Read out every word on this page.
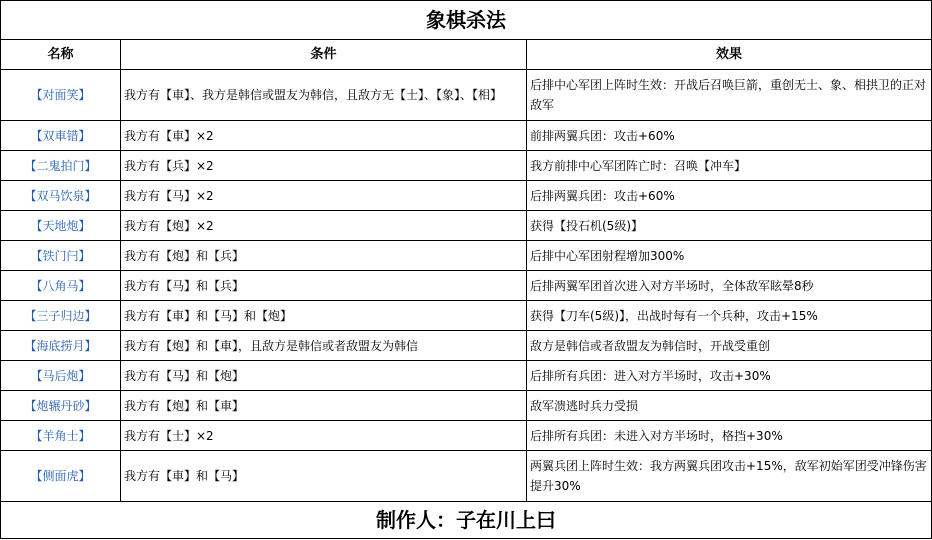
象棋杀法		
名称	条件	效果
【对面笑】	我方有【車】、我方是韩信或盟友为韩信，且敌方无【士】、【象】、【相】	后排中心军团上阵时生效：开战后召唤巨箭，重创无士、象、相拱卫的正对敌军
【双車错】	我方有【車】×2	前排两翼兵团：攻击+60%
【二鬼拍门】	我方有【兵】×2	我方前排中心军团阵亡时：召唤【冲车】
【双马饮泉】	我方有【马】×2	后排两翼兵团：攻击+60%
【天地炮】	我方有【炮】×2	获得【投石机(5级)】
【铁门闩】	我方有【炮】和【兵】	后排中心军团射程增加300%
【八角马】	我方有【马】和【兵】	后排两翼军团首次进入对方半场时，全体敌军眩晕8秒
【三子归边】	我方有【車】和【马】和【炮】	获得【刀车(5级)】，出战时每有一个兵种，攻击+15%
【海底捞月】	我方有【炮】和【車】，且敌方是韩信或者敌盟友为韩信	敌方是韩信或者敌盟友为韩信时，开战受重创
【马后炮】	我方有【马】和【炮】	后排所有兵团：进入对方半场时，攻击+30%
【炮辗丹砂】	我方有【炮】和【車】	敌军溃逃时兵力受损
【羊角士】	我方有【士】×2	后排所有兵团：未进入对方半场时，格挡+30%
【侧面虎】	我方有【車】和【马】	两翼兵团上阵时生效：我方两翼兵团攻击+15%，敌军初始军团受冲锋伤害提升30%
制作人：子在川上曰		
